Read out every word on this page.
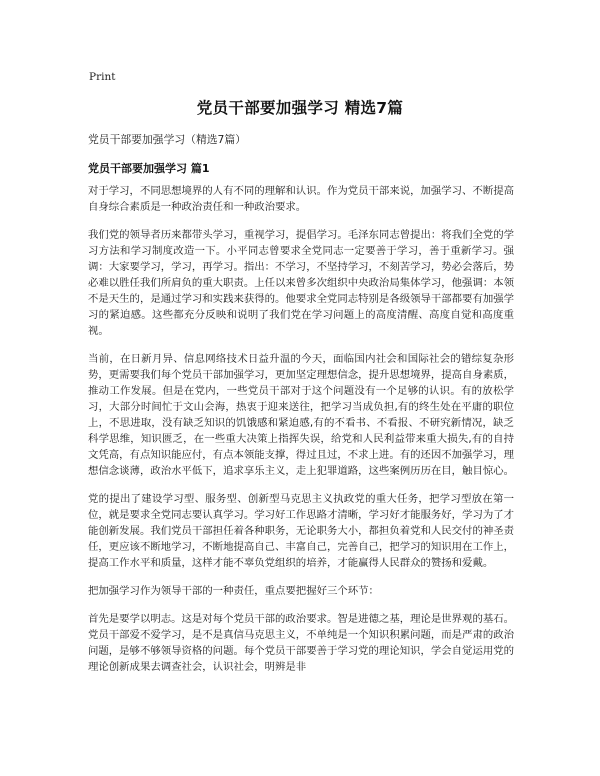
Print
党员干部要加强学习 精选7篇
党员干部要加强学习（精选7篇）
党员干部要加强学习 篇1

对于学习，不同思想境界的人有不同的理解和认识。作为党员干部来说，加强学习、不断提高自身综合素质是一种政治责任和一种政治要求。

我们党的领导者历来都带头学习，重视学习，提倡学习。毛泽东同志曾提出：将我们全党的学习方法和学习制度改造一下。小平同志曾要求全党同志一定要善于学习，善于重新学习。强调：大家要学习，学习，再学习。指出：不学习，不坚持学习，不刻苦学习，势必会落后，势必难以胜任我们所肩负的重大职责。上任以来曾多次组织中央政治局集体学习，他强调：本领不是天生的，是通过学习和实践来获得的。他要求全党同志特别是各级领导干部都要有加强学习的紧迫感。这些都充分反映和说明了我们党在学习问题上的高度清醒、高度自觉和高度重视。

当前，在日新月异、信息网络技术日益升温的今天，面临国内社会和国际社会的错综复杂形势，更需要我们每个党员干部加强学习，更加坚定理想信念，提升思想境界，提高自身素质，推动工作发展。但是在党内，一些党员干部对于这个问题没有一个足够的认识。有的放松学习，大部分时间忙于文山会海，热衷于迎来送往，把学习当成负担,有的终生处在平庸的职位上，不思进取，没有缺乏知识的饥饿感和紧迫感,有的不看书、不看报、不研究新情况，缺乏科学思维，知识匮乏，在一些重大决策上指挥失误，给党和人民利益带来重大损失,有的自持文凭高，有点知识能应付，有点本领能支撑，得过且过，不求上进。有的还因不加强学习，理想信念谈薄，政治水平低下，追求享乐主义，走上犯罪道路，这些案例历历在目，触目惊心。

党的提出了建设学习型、服务型、创新型马克思主义执政党的重大任务，把学习型放在第一位，就是要求全党同志要认真学习。学习好工作思路才清晰，学习好才能服务好，学习为了才能创新发展。我们党员干部担任着各种职务，无论职务大小，都担负着党和人民交付的神圣责任，更应该不断地学习，不断地提高自己、丰富自己，完善自己，把学习的知识用在工作上，提高工作水平和质量，这样才能不辜负党组织的培养，才能赢得人民群众的赞扬和爱戴。

把加强学习作为领导干部的一种责任，重点要把握好三个环节：

首先是要学以明志。这是对每个党员干部的政治要求。智是进德之基，理论是世界观的基石。党员干部爱不爱学习，是不是真信马克思主义，不单纯是一个知识积累问题，而是严肃的政治问题，是够不够领导资格的问题。每个党员干部要善于学习党的理论知识，学会自觉运用党的理论创新成果去调查社会，认识社会，明辨是非
